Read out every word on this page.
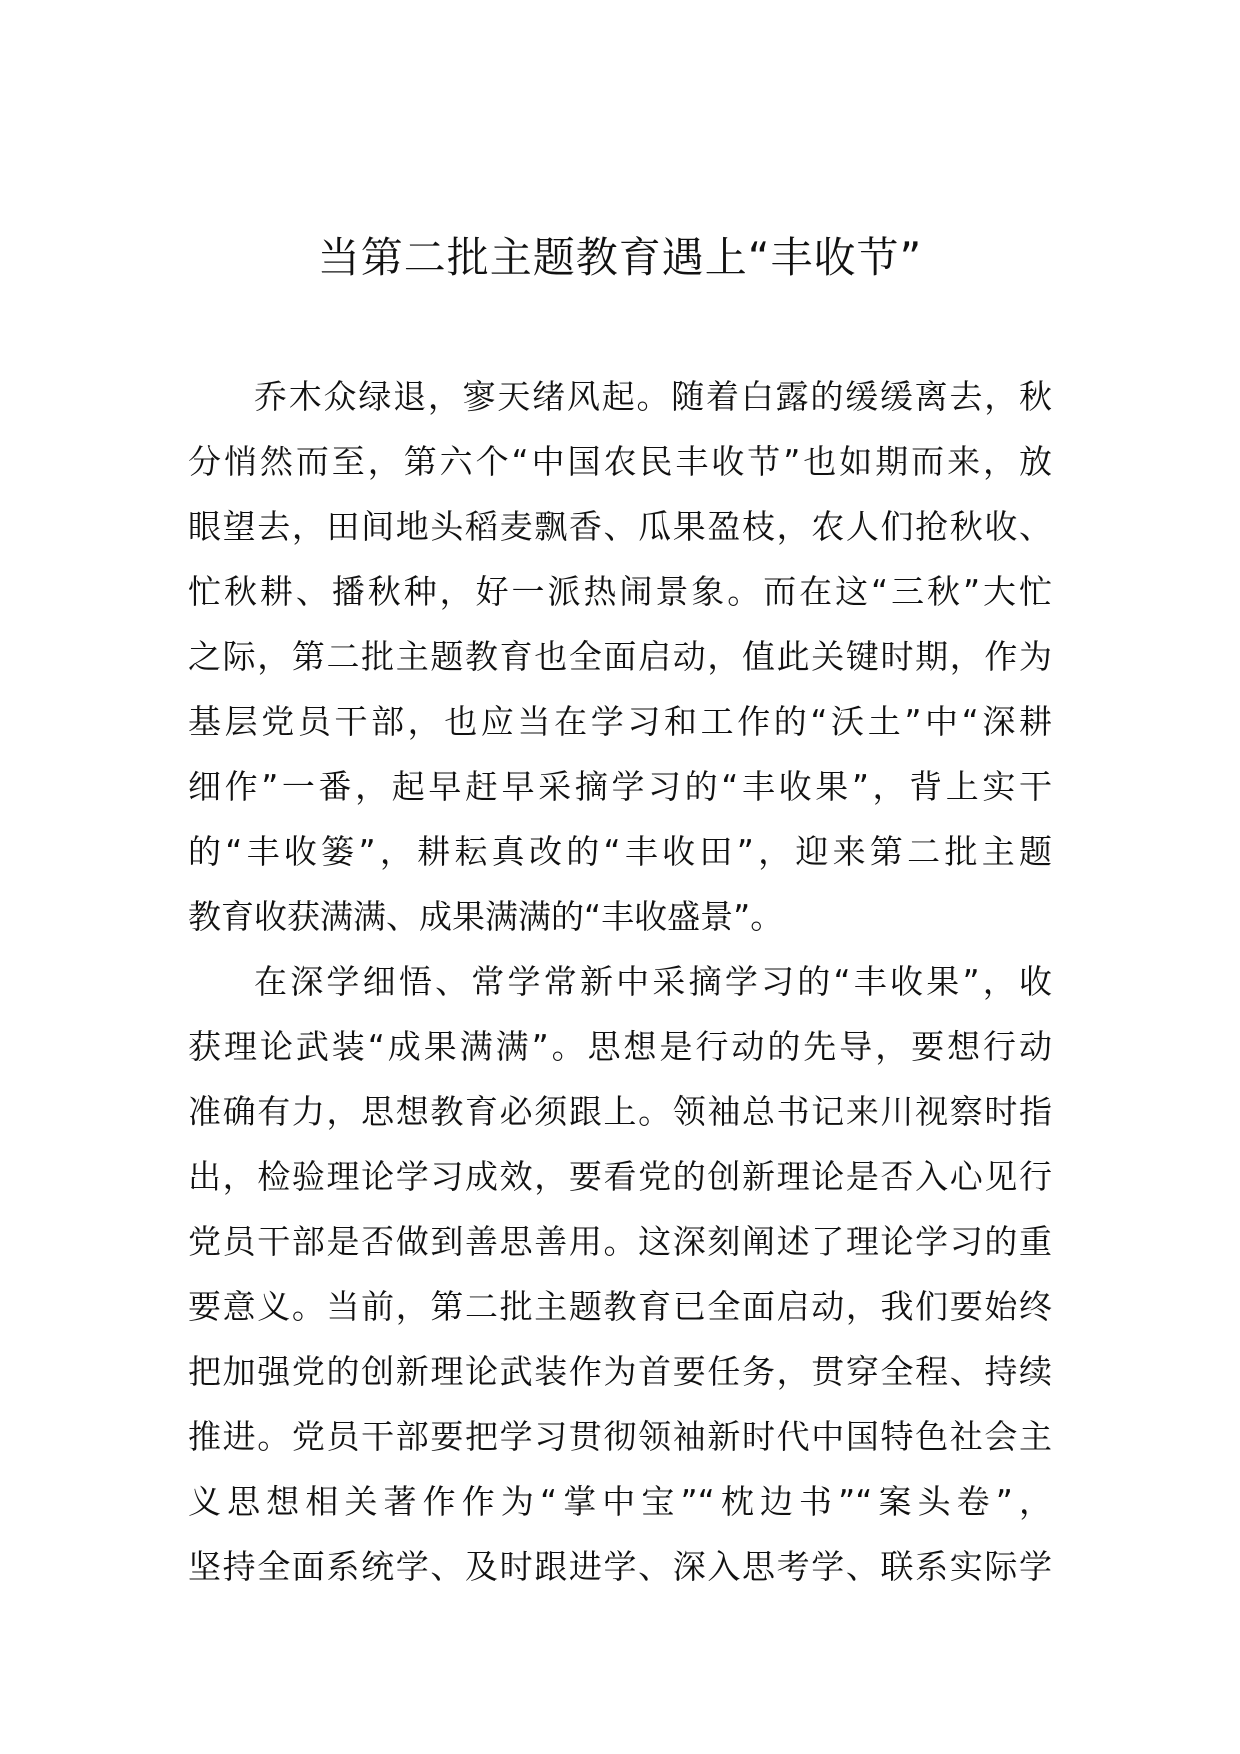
当第二批主题教育遇上“丰收节”
乔木众绿退，寥天绪风起。随着白露的缓缓离去，秋
分悄然而至，第六个“中国农民丰收节”也如期而来，放
眼望去，田间地头稻麦飘香、瓜果盈枝，农人们抢秋收、
忙秋耕、播秋种，好一派热闹景象。而在这“三秋”大忙
之际，第二批主题教育也全面启动，值此关键时期，作为
基层党员干部，也应当在学习和工作的“沃土”中“深耕
细作”一番，起早赶早采摘学习的“丰收果”，背上实干
的“丰收篓”，耕耘真改的“丰收田”，迎来第二批主题
教育收获满满、成果满满的“丰收盛景”。
在深学细悟、常学常新中采摘学习的“丰收果”，收
获理论武装“成果满满”。思想是行动的先导，要想行动
准确有力，思想教育必须跟上。领袖总书记来川视察时指
出，检验理论学习成效，要看党的创新理论是否入心见行
党员干部是否做到善思善用。这深刻阐述了理论学习的重
要意义。当前，第二批主题教育已全面启动，我们要始终
把加强党的创新理论武装作为首要任务，贯穿全程、持续
推进。党员干部要把学习贯彻领袖新时代中国特色社会主
义思想相关著作作为“掌中宝”“枕边书”“案头卷”，
坚持全面系统学、及时跟进学、深入思考学、联系实际学
